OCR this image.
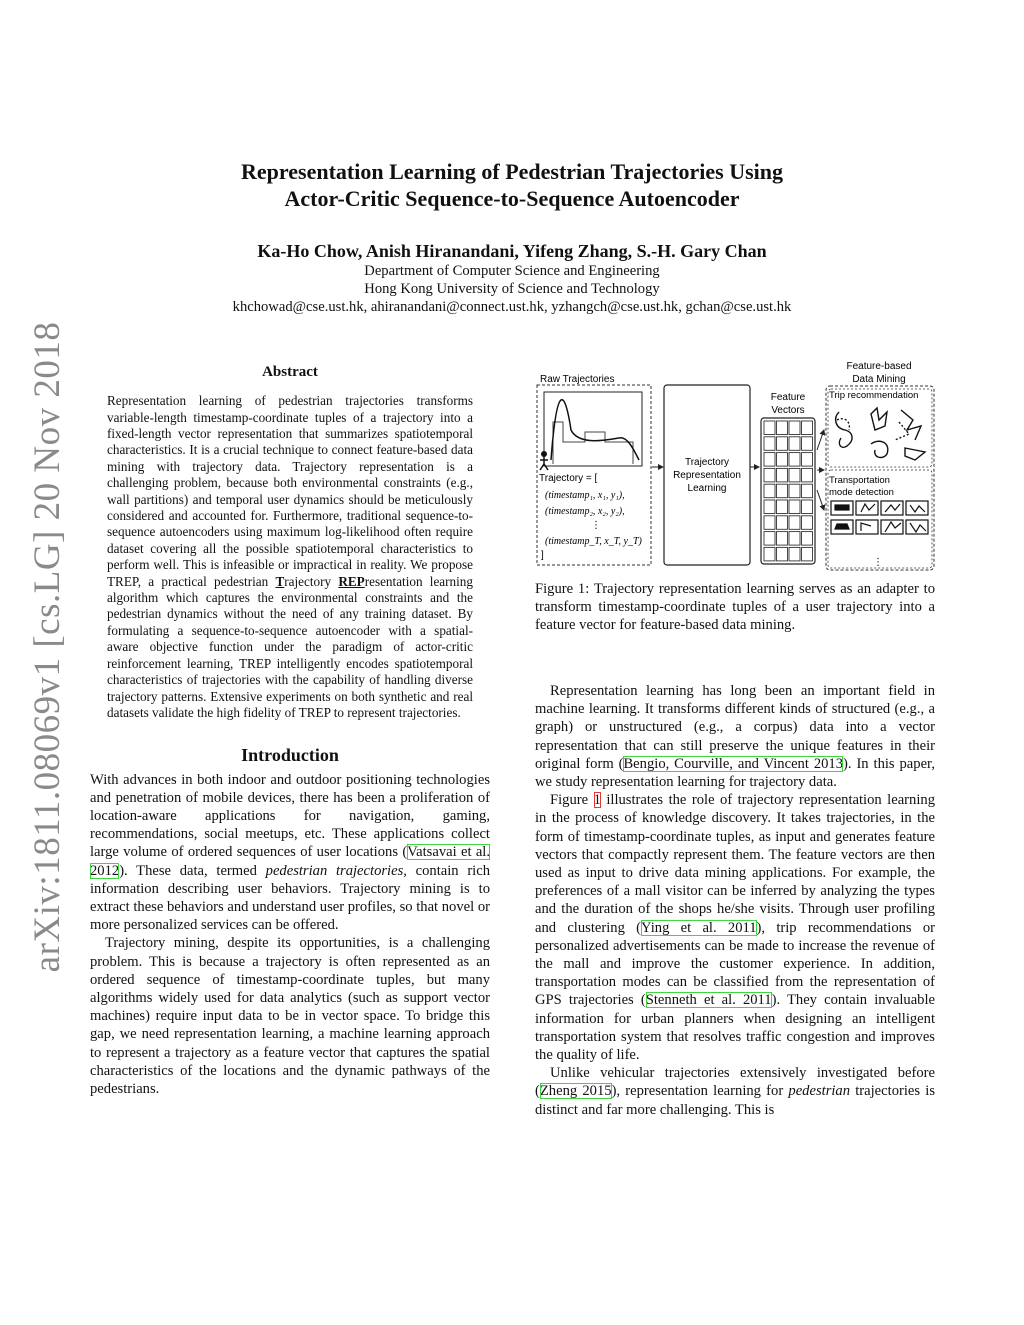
arXiv:1811.08069v1 [cs.LG] 20 Nov 2018
Representation Learning of Pedestrian Trajectories Using
Actor-Critic Sequence-to-Sequence Autoencoder
Ka-Ho Chow, Anish Hiranandani, Yifeng Zhang, S.-H. Gary Chan
Department of Computer Science and Engineering
Hong Kong University of Science and Technology
khchowad@cse.ust.hk, ahiranandani@connect.ust.hk, yzhangch@cse.ust.hk, gchan@cse.ust.hk
Abstract

Representation learning of pedestrian trajectories transforms variable-length timestamp-coordinate tuples of a trajectory into a fixed-length vector representation that summarizes spatiotemporal characteristics. It is a crucial technique to connect feature-based data mining with trajectory data. Trajectory representation is a challenging problem, because both environmental constraints (e.g., wall partitions) and temporal user dynamics should be meticulously considered and accounted for. Furthermore, traditional sequence-to-sequence autoencoders using maximum log-likelihood often require dataset covering all the possible spatiotemporal characteristics to perform well. This is infeasible or impractical in reality. We propose TREP, a practical pedestrian Trajectory REPresentation learning algorithm which captures the environmental constraints and the pedestrian dynamics without the need of any training dataset. By formulating a sequence-to-sequence autoencoder with a spatial-aware objective function under the paradigm of actor-critic reinforcement learning, TREP intelligently encodes spatiotemporal characteristics of trajectories with the capability of handling diverse trajectory patterns. Extensive experiments on both synthetic and real datasets validate the high fidelity of TREP to represent trajectories.

Introduction

With advances in both indoor and outdoor positioning technologies and penetration of mobile devices, there has been a proliferation of location-aware applications for navigation, gaming, recommendations, social meetups, etc. These applications collect large volume of ordered sequences of user locations (Vatsavai et al. 2012). These data, termed pedestrian trajectories, contain rich information describing user behaviors. Trajectory mining is to extract these behaviors and understand user profiles, so that novel or more personalized services can be offered.

Trajectory mining, despite its opportunities, is a challenging problem. This is because a trajectory is often represented as an ordered sequence of timestamp-coordinate tuples, but many algorithms widely used for data analytics (such as support vector machines) require input data to be in vector space. To bridge this gap, we need representation learning, a machine learning approach to represent a trajectory as a feature vector that captures the spatial characteristics of the locations and the dynamic pathways of the pedestrians.

Raw Trajectories
Trajectory = [
(timestamp₁, x₁, y₁),
(timestamp₂, x₂, y₂),
⋮
(timestamp_T, x_T, y_T)
]
Trajectory
Representation
Learning
Feature
Vectors
Feature-based
Data Mining
Trip recommendation
Transportation
mode detection
⋮
Figure 1: Trajectory representation learning serves as an adapter to transform timestamp-coordinate tuples of a user trajectory into a feature vector for feature-based data mining.

Representation learning has long been an important field in machine learning. It transforms different kinds of structured (e.g., a graph) or unstructured (e.g., a corpus) data into a vector representation that can still preserve the unique features in their original form (Bengio, Courville, and Vincent 2013). In this paper, we study representation learning for trajectory data.

Figure 1 illustrates the role of trajectory representation learning in the process of knowledge discovery. It takes trajectories, in the form of timestamp-coordinate tuples, as input and generates feature vectors that compactly represent them. The feature vectors are then used as input to drive data mining applications. For example, the preferences of a mall visitor can be inferred by analyzing the types and the duration of the shops he/she visits. Through user profiling and clustering (Ying et al. 2011), trip recommendations or personalized advertisements can be made to increase the revenue of the mall and improve the customer experience. In addition, transportation modes can be classified from the representation of GPS trajectories (Stenneth et al. 2011). They contain invaluable information for urban planners when designing an intelligent transportation system that resolves traffic congestion and improves the quality of life.

Unlike vehicular trajectories extensively investigated before (Zheng 2015), representation learning for pedestrian trajectories is distinct and far more challenging. This is
